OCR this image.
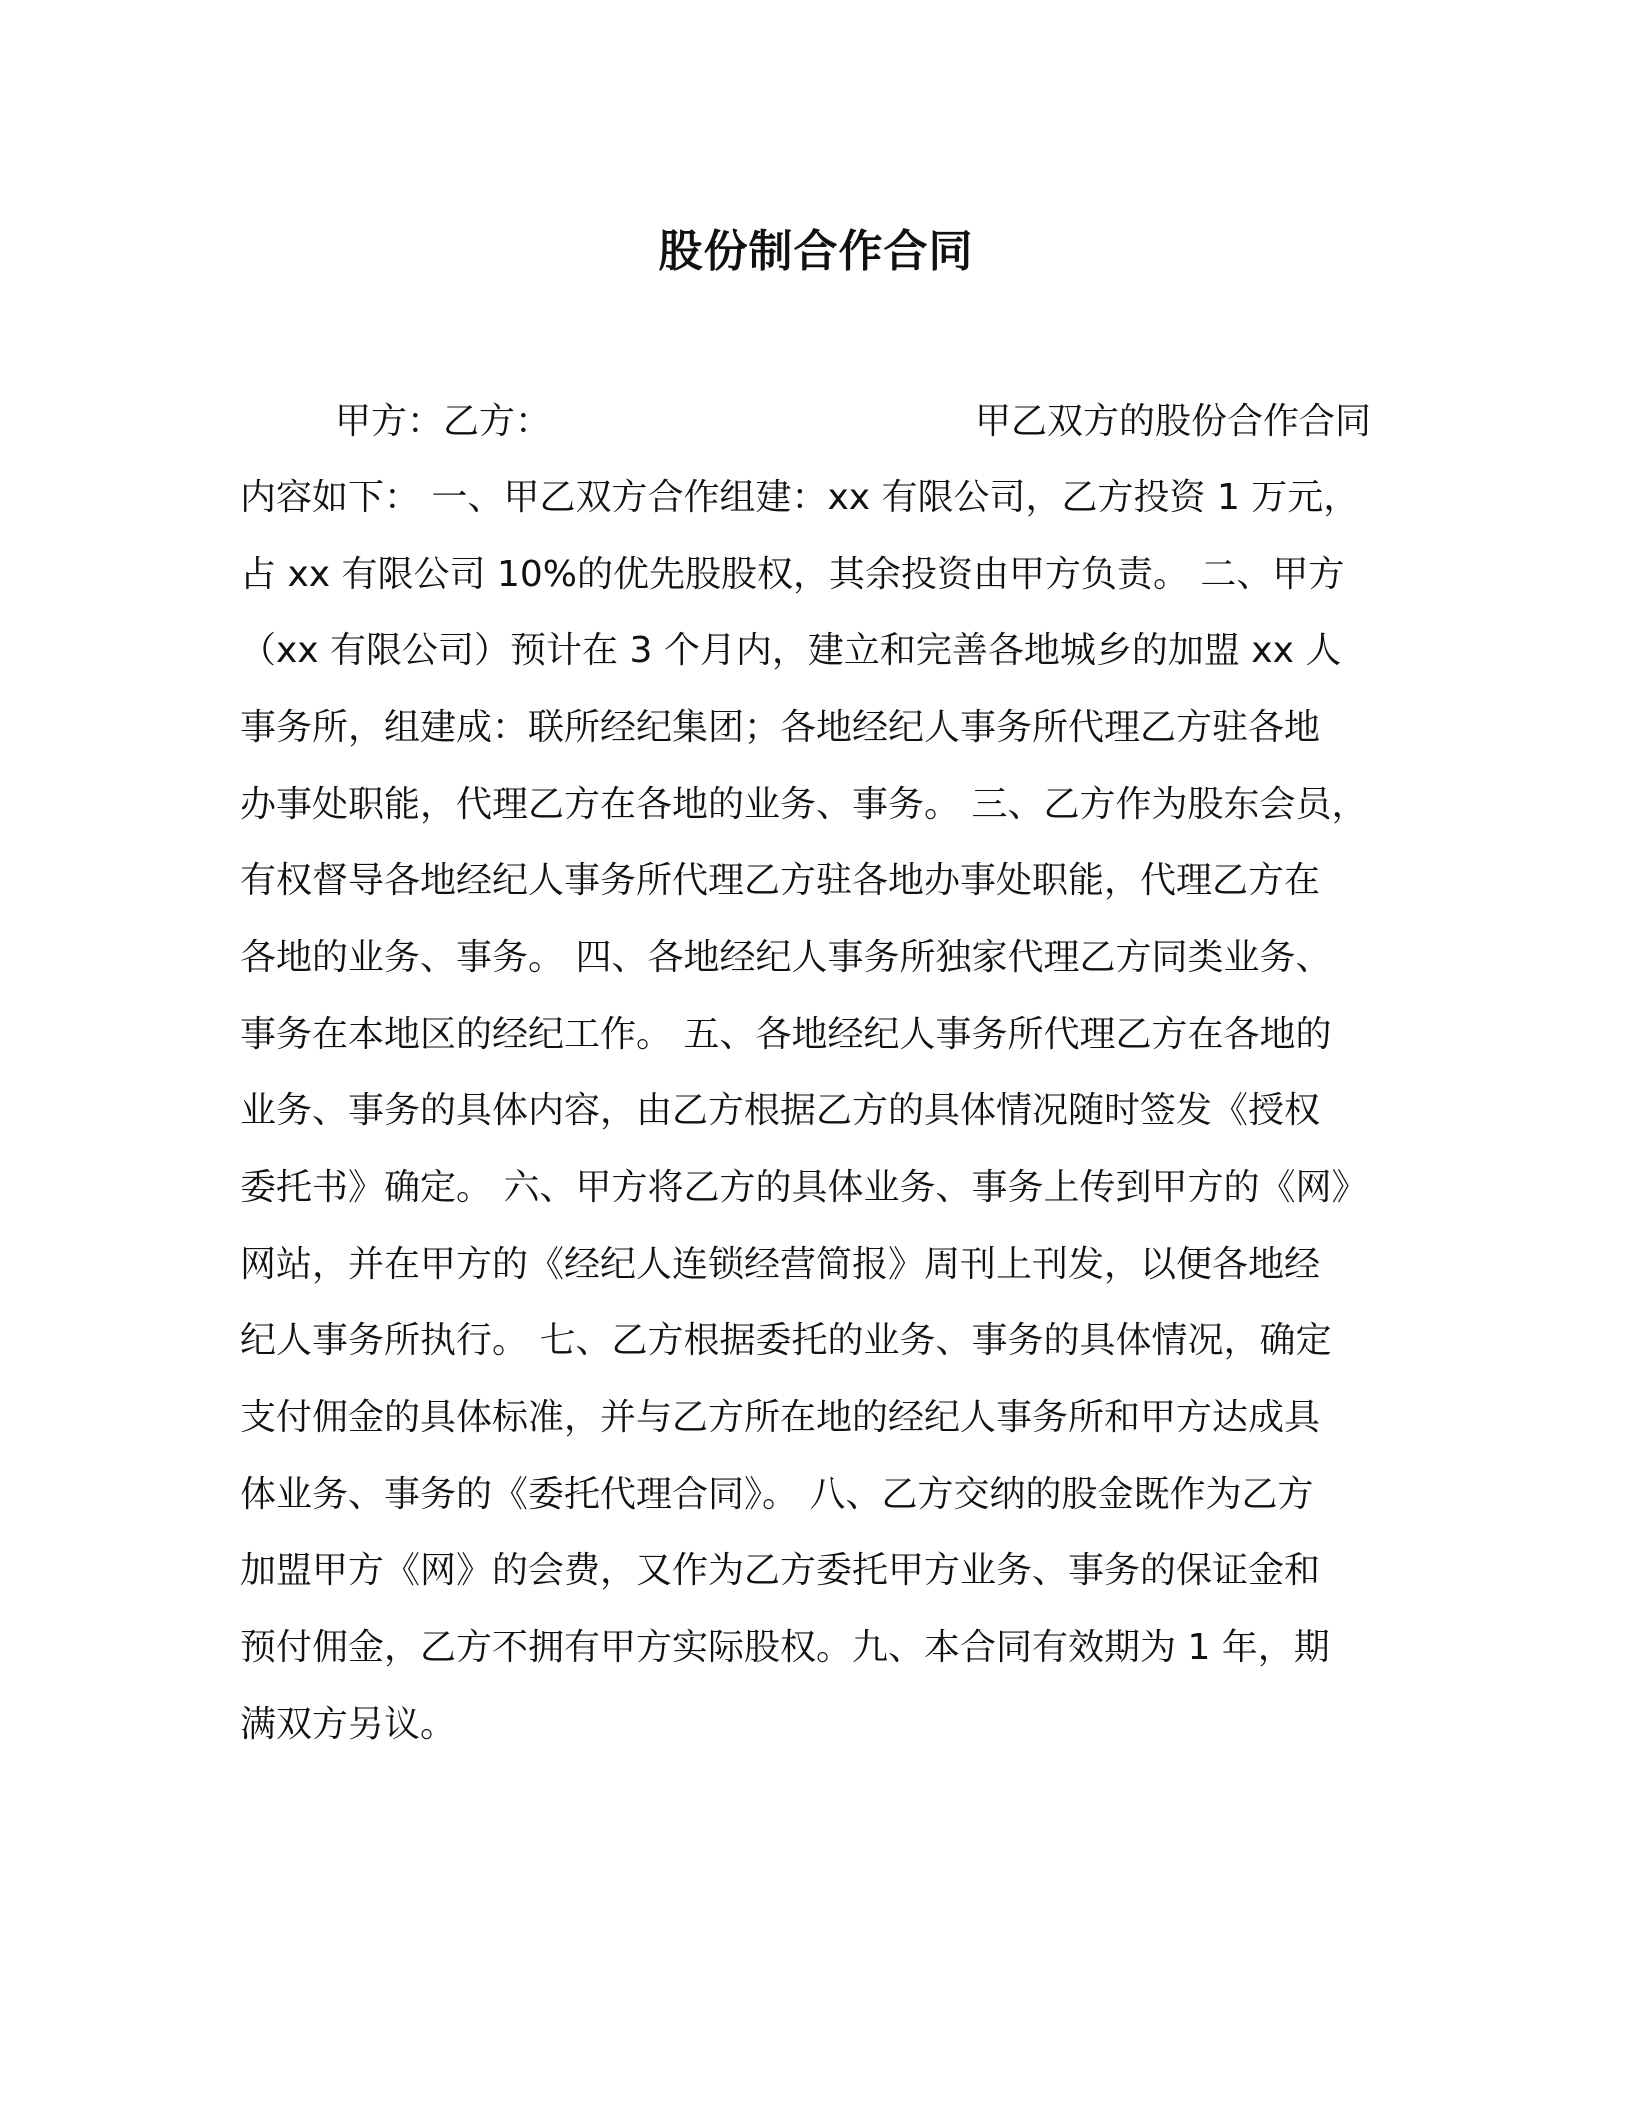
股份制合作合同
甲方：乙方：	甲乙双方的股份合作合同
内容如下： 一、甲乙双方合作组建：xx 有限公司，乙方投资 1 万元，
占 xx 有限公司 10%的优先股股权，其余投资由甲方负责。 二、甲方
（xx 有限公司）预计在 3 个月内，建立和完善各地城乡的加盟 xx 人
事务所，组建成：联所经纪集团；各地经纪人事务所代理乙方驻各地
办事处职能，代理乙方在各地的业务、事务。 三、乙方作为股东会员，
有权督导各地经纪人事务所代理乙方驻各地办事处职能，代理乙方在
各地的业务、事务。 四、各地经纪人事务所独家代理乙方同类业务、
事务在本地区的经纪工作。 五、各地经纪人事务所代理乙方在各地的
业务、事务的具体内容，由乙方根据乙方的具体情况随时签发《授权
委托书》确定。 六、甲方将乙方的具体业务、事务上传到甲方的《网》
网站，并在甲方的《经纪人连锁经营简报》周刊上刊发，以便各地经
纪人事务所执行。 七、乙方根据委托的业务、事务的具体情况，确定
支付佣金的具体标准，并与乙方所在地的经纪人事务所和甲方达成具
体业务、事务的《委托代理合同》。 八、乙方交纳的股金既作为乙方
加盟甲方《网》的会费，又作为乙方委托甲方业务、事务的保证金和
预付佣金，乙方不拥有甲方实际股权。九、本合同有效期为 1 年，期
满双方另议。
